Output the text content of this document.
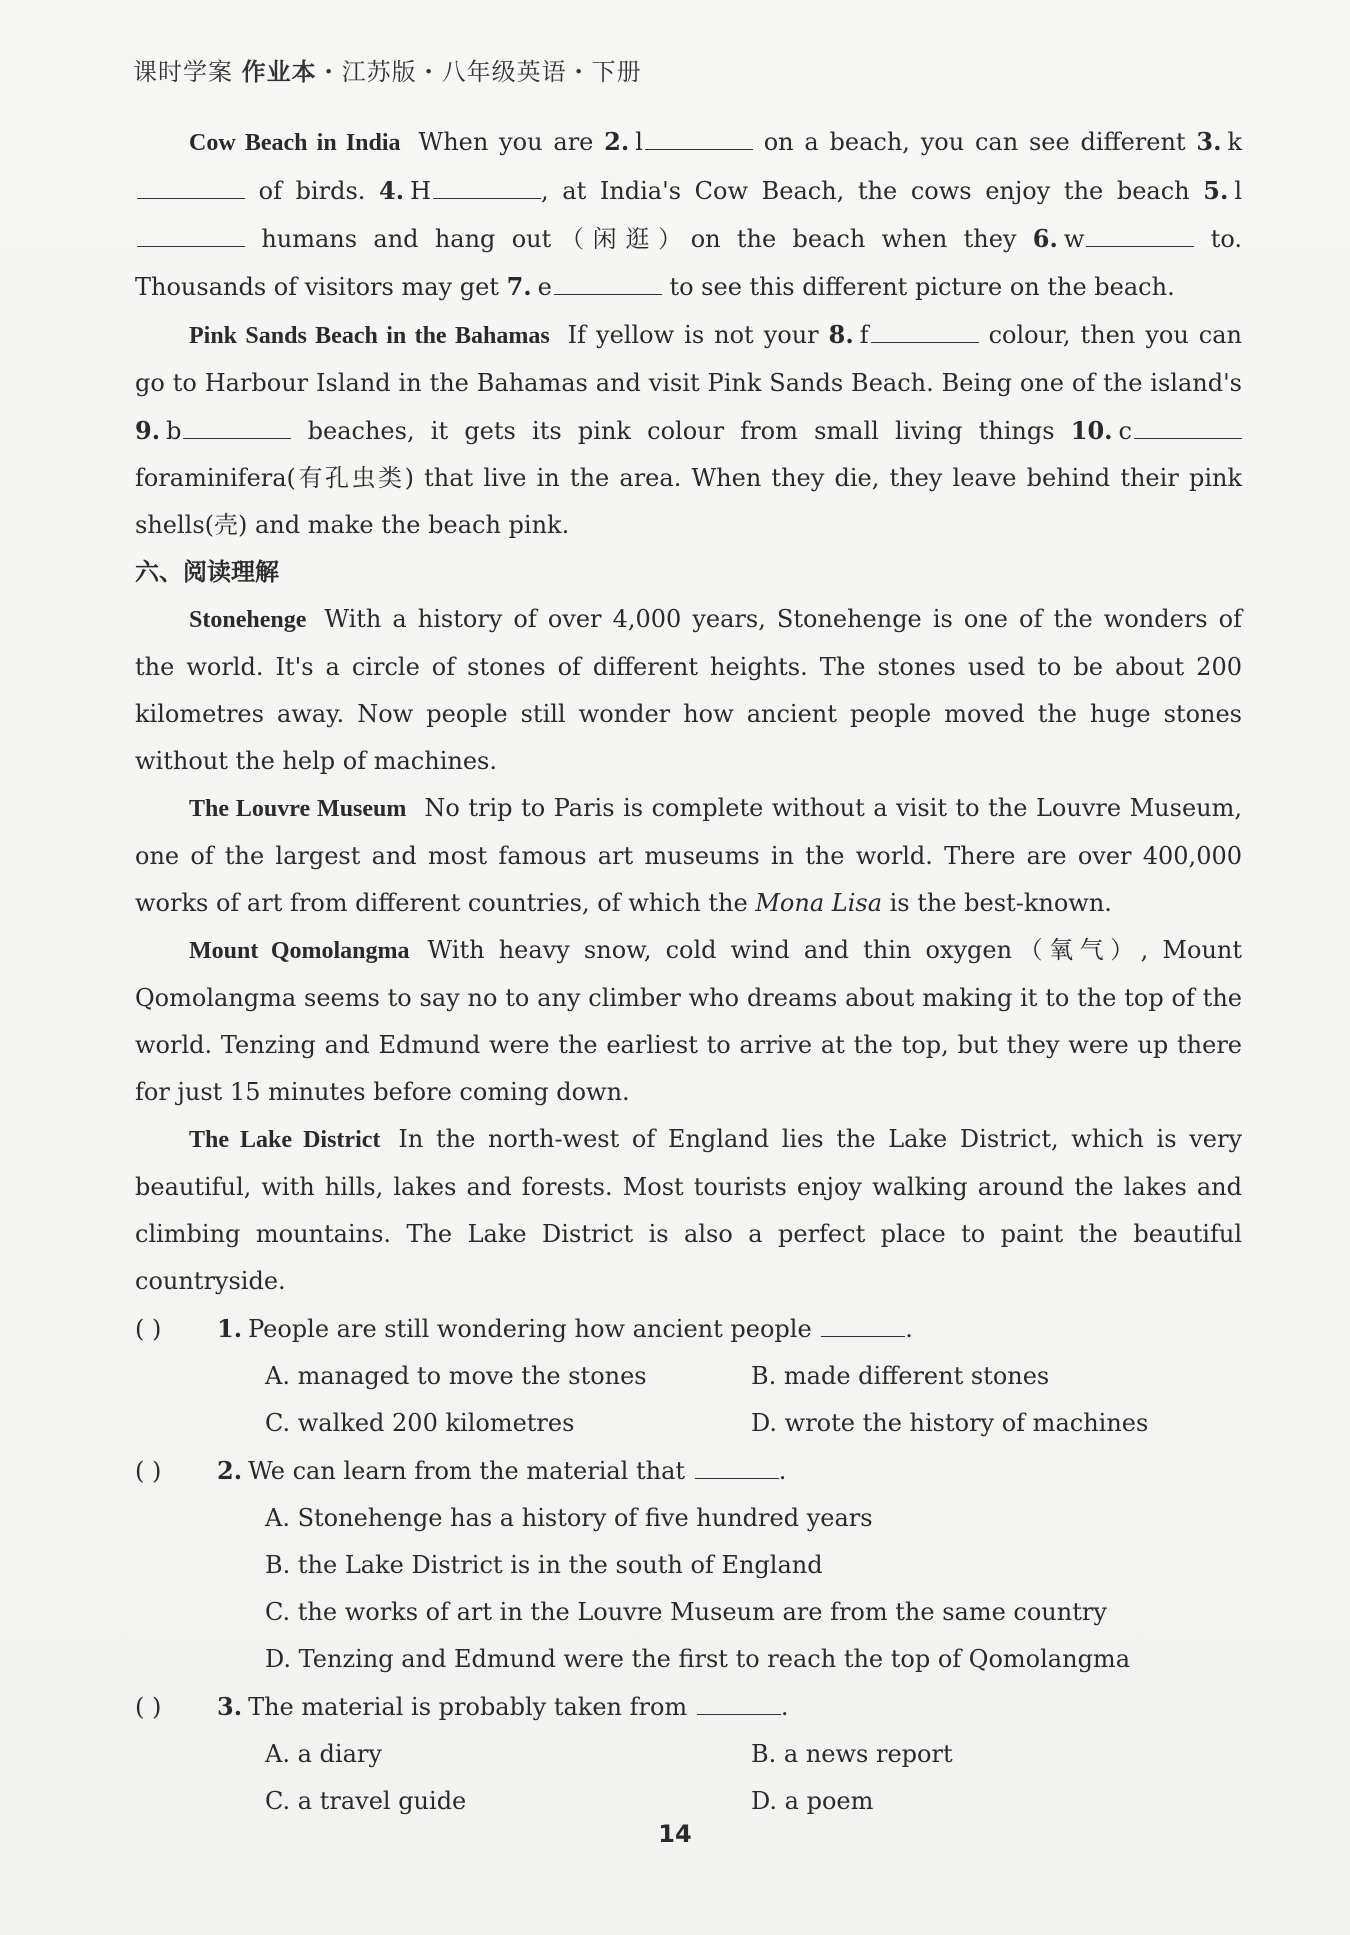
课时学案 作业本・江苏版・八年级英语・下册

Cow Beach in India When you are 2. l	on a beach, you can see different 3. k of birds. 4. H	, at India's Cow Beach, the cows enjoy the beach 5. l humans and hang out（闲逛）on the beach when they 6. w	to. Thousands of visitors may get 7. e	to see this different picture on the beach.

Pink Sands Beach in the Bahamas If yellow is not your 8. f	colour, then you can go to Harbour Island in the Bahamas and visit Pink Sands Beach. Being one of the island's 9. b	beaches, it gets its pink colour from small living things 10. c foraminifera(有孔虫类) that live in the area. When they die, they leave behind their pink shells(壳) and make the beach pink.

六、阅读理解

Stonehenge With a history of over 4,000 years, Stonehenge is one of the wonders of the world. It's a circle of stones of different heights. The stones used to be about 200 kilometres away. Now people still wonder how ancient people moved the huge stones without the help of machines.

The Louvre Museum No trip to Paris is complete without a visit to the Louvre Museum, one of the largest and most famous art museums in the world. There are over 400,000 works of art from different countries, of which the Mona Lisa is the best-known.

Mount Qomolangma With heavy snow, cold wind and thin oxygen（氧气）, Mount Qomolangma seems to say no to any climber who dreams about making it to the top of the world. Tenzing and Edmund were the earliest to arrive at the top, but they were up there for just 15 minutes before coming down.

The Lake District In the north-west of England lies the Lake District, which is very beautiful, with hills, lakes and forests. Most tourists enjoy walking around the lakes and climbing mountains. The Lake District is also a perfect place to paint the beautiful countryside.

( ) 1. People are still wondering how ancient people	.

A. managed to move the stones	B. made different stones
C. walked 200 kilometres	D. wrote the history of machines

( ) 2. We can learn from the material that	.

A. Stonehenge has a history of five hundred years
B. the Lake District is in the south of England
C. the works of art in the Louvre Museum are from the same country
D. Tenzing and Edmund were the first to reach the top of Qomolangma

( ) 3. The material is probably taken from	.

A. a diary	B. a news report
C. a travel guide	D. a poem
14
